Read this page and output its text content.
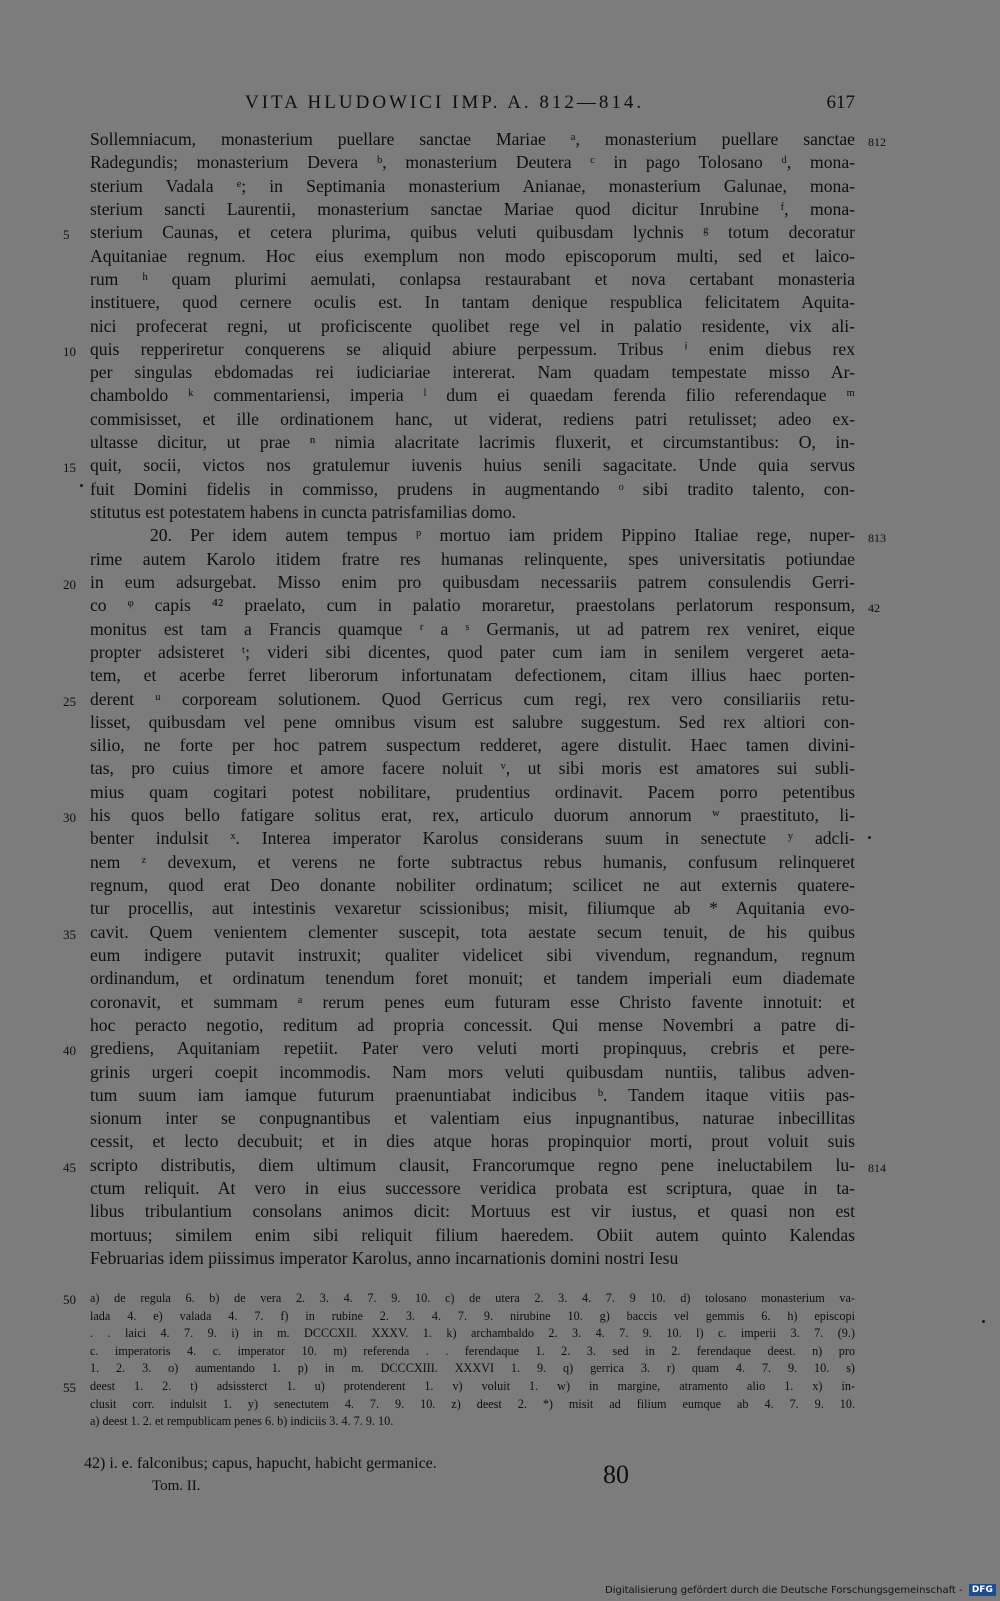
VITA HLUDOWICI IMP. A. 812—814.	617
Sollemniacum, monasterium puellare sanctae Mariae ᵃ, monasterium puellare sanctae 812
Radegundis; monasterium Devera ᵇ, monasterium Deutera ᶜ in pago Tolosano ᵈ, mona-
sterium Vadala ᵉ; in Septimania monasterium Anianae, monasterium Galunae, mona-
sterium sancti Laurentii, monasterium sanctae Mariae quod dicitur Inrubine ᶠ, mona-
sterium Caunas, et cetera plurima, quibus veluti quibusdam lychnis ᵍ totum decoratur
5
Aquitaniae regnum. Hoc eius exemplum non modo episcoporum multi, sed et laico-
rum ʰ quam plurimi aemulati, conlapsa restaurabant et nova certabant monasteria
instituere, quod cernere oculis est. In tantam denique respublica felicitatem Aquita-
nici profecerat regni, ut proficiscente quolibet rege vel in palatio residente, vix ali-
quis repperiretur conquerens se aliquid abiure perpessum. Tribus ⁱ enim diebus rex
10
per singulas ebdomadas rei iudiciariae intererat. Nam quadam tempestate misso Ar-
chamboldo ᵏ commentariensi, imperia ˡ dum ei quaedam ferenda filio referendaque ᵐ
commisisset, et ille ordinationem hanc, ut viderat, rediens patri retulisset; adeo ex-
ultasse dicitur, ut prae ⁿ nimia alacritate lacrimis fluxerit, et circumstantibus: O, in-
quit, socii, victos nos gratulemur iuvenis huius senili sagacitate. Unde quia servus
15
fuit Domini fidelis in commisso, prudens in augmentando ᵒ sibi tradito talento, con-
stitutus est potestatem habens in cuncta patrisfamilias domo.
20. Per idem autem tempus ᵖ mortuo iam pridem Pippino Italiae rege, nuper- 813
rime autem Karolo itidem fratre res humanas relinquente, spes universitatis potiundae
in eum adsurgebat. Misso enim pro quibusdam necessariis patrem consulendis Gerri-
20
co ᵠ capis ⁴² praelato, cum in palatio moraretur, praestolans perlatorum responsum, 42
monitus est tam a Francis quamque ʳ a ˢ Germanis, ut ad patrem rex veniret, eique
propter adsisteret ᵗ; videri sibi dicentes, quod pater cum iam in senilem vergeret aeta-
tem, et acerbe ferret liberorum infortunatam defectionem, citam illius haec porten-
derent ᵘ corpoream solutionem. Quod Gerricus cum regi, rex vero consiliariis retu-
25
lisset, quibusdam vel pene omnibus visum est salubre suggestum. Sed rex altiori con-
silio, ne forte per hoc patrem suspectum redderet, agere distulit. Haec tamen divini-
tas, pro cuius timore et amore facere noluit ᵛ, ut sibi moris est amatores sui subli-
mius quam cogitari potest nobilitare, prudentius ordinavit. Pacem porro petentibus
his quos bello fatigare solitus erat, rex, articulo duorum annorum ʷ praestituto, li-
30
benter indulsit ˣ. Interea imperator Karolus considerans suum in senectute ʸ adcli-
nem ᶻ devexum, et verens ne forte subtractus rebus humanis, confusum relinqueret
regnum, quod erat Deo donante nobiliter ordinatum; scilicet ne aut externis quatere-
tur procellis, aut intestinis vexaretur scissionibus; misit, filiumque ab * Aquitania evo-
cavit. Quem venientem clementer suscepit, tota aestate secum tenuit, de his quibus
35
eum indigere putavit instruxit; qualiter videlicet sibi vivendum, regnandum, regnum
ordinandum, et ordinatum tenendum foret monuit; et tandem imperiali eum diademate
coronavit, et summam ᵃ rerum penes eum futuram esse Christo favente innotuit: et
hoc peracto negotio, reditum ad propria concessit. Qui mense Novembri a patre di-
grediens, Aquitaniam repetiit. Pater vero veluti morti propinquus, crebris et pere-
40
grinis urgeri coepit incommodis. Nam mors veluti quibusdam nuntiis, talibus adven-
tum suum iam iamque futurum praenuntiabat indicibus ᵇ. Tandem itaque vitiis pas-
sionum inter se conpugnantibus et valentiam eius inpugnantibus, naturae inbecillitas
cessit, et lecto decubuit; et in dies atque horas propinquior morti, prout voluit suis
scripto distributis, diem ultimum clausit, Francorumque regno pene ineluctabilem lu-
45	814
ctum reliquit. At vero in eius successore veridica probata est scriptura, quae in ta-
libus tribulantium consolans animos dicit: Mortuus est vir iustus, et quasi non est
mortuus; similem enim sibi reliquit filium haeredem. Obiit autem quinto Kalendas
Februarias idem piissimus imperator Karolus, anno incarnationis domini nostri Iesu
a) de regula 6. b) de vera 2. 3. 4. 7. 9. 10. c) de utera 2. 3. 4. 7. 9 10. d) tolosano monasterium va-
50
lada 4. e) valada 4. 7. f) in rubine 2. 3. 4. 7. 9. nirubine 10. g) baccis vel gemmis 6. h) episcopi
. . laici 4. 7. 9. i) in m. DCCCXII. XXXV. 1. k) archambaldo 2. 3. 4. 7. 9. 10. l) c. imperii 3. 7. (9.)
c. imperatoris 4. c. imperator 10. m) referenda . . ferendaque 1. 2. 3. sed in 2. ferendaque deest. n) pro
1. 2. 3. o) aumentando 1. p) in m. DCCCXIII. XXXVI 1. 9. q) gerrica 3. r) quam 4. 7. 9. 10. s)
deest 1. 2. t) adsissterct 1. u) protenderent 1. v) voluit 1. w) in margine, atramento alio 1. x) in-
55
clusit corr. indulsit 1. y) senectutem 4. 7. 9. 10. z) deest 2. *) misit ad filium eumque ab 4. 7. 9. 10.
a) deest 1. 2. et rempublicam penes 6. b) indiciis 3. 4. 7. 9. 10.
42) i. e. falconibus; capus, hapucht, habicht germanice.
Tom. II.	80
Digitalisierung gefördert durch die Deutsche Forschungsgemeinschaft - DFG
